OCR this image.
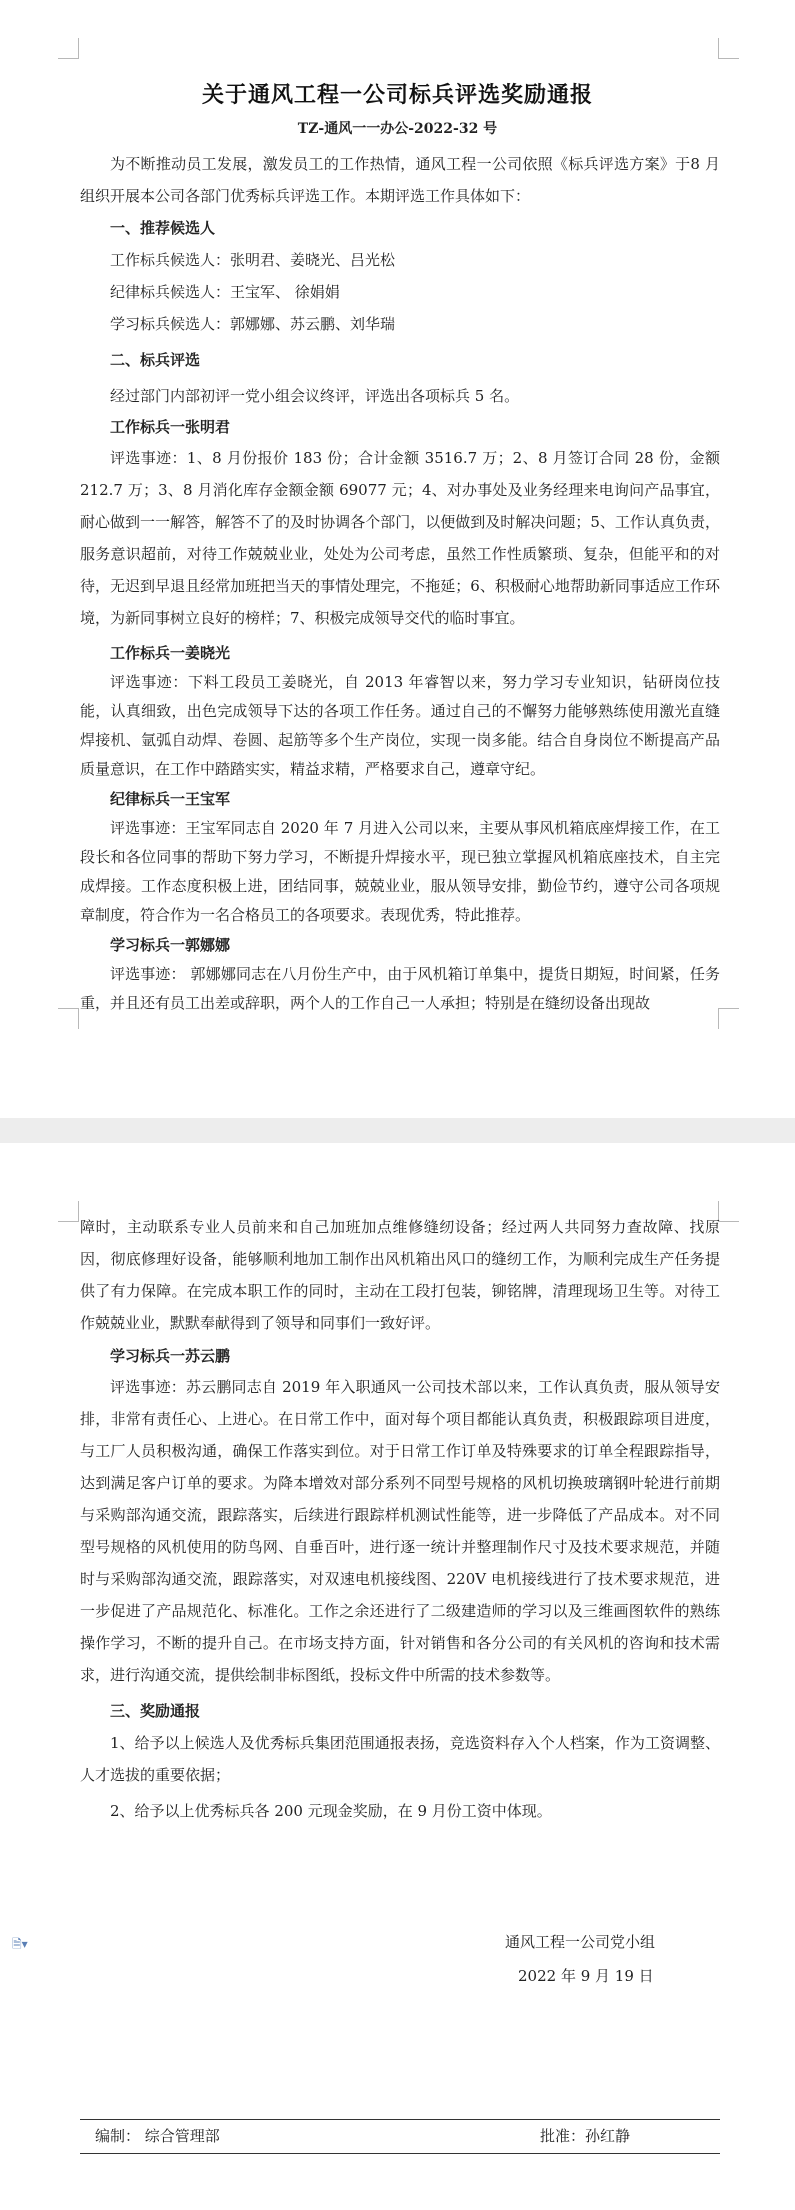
关于通风工程一公司标兵评选奖励通报
TZ-通风一一办公-2022-32 号

为不断推动员工发展，激发员工的工作热情，通风工程一公司依照《标兵评选方案》于8 月组织开展本公司各部门优秀标兵评选工作。本期评选工作具体如下：

一、推荐候选人
工作标兵候选人：张明君、姜晓光、吕光松
纪律标兵候选人：王宝军、 徐娟娟
学习标兵候选人：郭娜娜、苏云鹏、刘华瑞
二、标兵评选

经过部门内部初评一党小组会议终评，评选出各项标兵 5 名。

工作标兵一张明君

评选事迹：1、8 月份报价 183 份；合计金额 3516.7 万；2、8 月签订合同 28 份，金额 212.7 万；3、8 月消化库存金额金额 69077 元；4、对办事处及业务经理来电询问产品事宜，耐心做到一一解答，解答不了的及时协调各个部门，以便做到及时解决问题；5、工作认真负责，服务意识超前，对待工作兢兢业业，处处为公司考虑，虽然工作性质繁琐、复杂，但能平和的对待，无迟到早退且经常加班把当天的事情处理完，不拖延；6、积极耐心地帮助新同事适应工作环境，为新同事树立良好的榜样；7、积极完成领导交代的临时事宜。

工作标兵一姜晓光

评选事迹：下料工段员工姜晓光，自 2013 年睿智以来，努力学习专业知识，钻研岗位技能，认真细致，出色完成领导下达的各项工作任务。通过自己的不懈努力能够熟练使用激光直缝焊接机、氩弧自动焊、卷圆、起筋等多个生产岗位，实现一岗多能。结合自身岗位不断提高产品质量意识，在工作中踏踏实实，精益求精，严格要求自己，遵章守纪。

纪律标兵一王宝军

评选事迹：王宝军同志自 2020 年 7 月进入公司以来，主要从事风机箱底座焊接工作，在工段长和各位同事的帮助下努力学习，不断提升焊接水平，现已独立掌握风机箱底座技术，自主完成焊接。工作态度积极上进，团结同事，兢兢业业，服从领导安排，勤俭节约，遵守公司各项规章制度，符合作为一名合格员工的各项要求。表现优秀，特此推荐。

学习标兵一郭娜娜

评选事迹： 郭娜娜同志在八月份生产中，由于风机箱订单集中，提货日期短，时间紧，任务重，并且还有员工出差或辞职，两个人的工作自己一人承担；特别是在缝纫设备出现故

障时，主动联系专业人员前来和自己加班加点维修缝纫设备；经过两人共同努力查故障、找原因，彻底修理好设备，能够顺利地加工制作出风机箱出风口的缝纫工作，为顺利完成生产任务提供了有力保障。在完成本职工作的同时，主动在工段打包装，铆铭牌，清理现场卫生等。对待工作兢兢业业，默默奉献得到了领导和同事们一致好评。

学习标兵一苏云鹏

评选事迹：苏云鹏同志自 2019 年入职通风一公司技术部以来，工作认真负责，服从领导安排，非常有责任心、上进心。在日常工作中，面对每个项目都能认真负责，积极跟踪项目进度，与工厂人员积极沟通，确保工作落实到位。对于日常工作订单及特殊要求的订单全程跟踪指导，达到满足客户订单的要求。为降本增效对部分系列不同型号规格的风机切换玻璃钢叶轮进行前期与采购部沟通交流，跟踪落实，后续进行跟踪样机测试性能等，进一步降低了产品成本。对不同型号规格的风机使用的防鸟网、自垂百叶，进行逐一统计并整理制作尺寸及技术要求规范，并随时与采购部沟通交流，跟踪落实，对双速电机接线图、220V 电机接线进行了技术要求规范，进一步促进了产品规范化、标准化。工作之余还进行了二级建造师的学习以及三维画图软件的熟练操作学习，不断的提升自己。在市场支持方面，针对销售和各分公司的有关风机的咨询和技术需求，进行沟通交流，提供绘制非标图纸，投标文件中所需的技术参数等。

三、奖励通报

1、给予以上候选人及优秀标兵集团范围通报表扬，竞选资料存入个人档案，作为工资调整、人才选拔的重要依据；

2、给予以上优秀标兵各 200 元现金奖励，在 9 月份工资中体现。

🗎▾	通风工程一公司党小组
2022 年 9 月 19 日
编制： 综合管理部	批准：孙红静
